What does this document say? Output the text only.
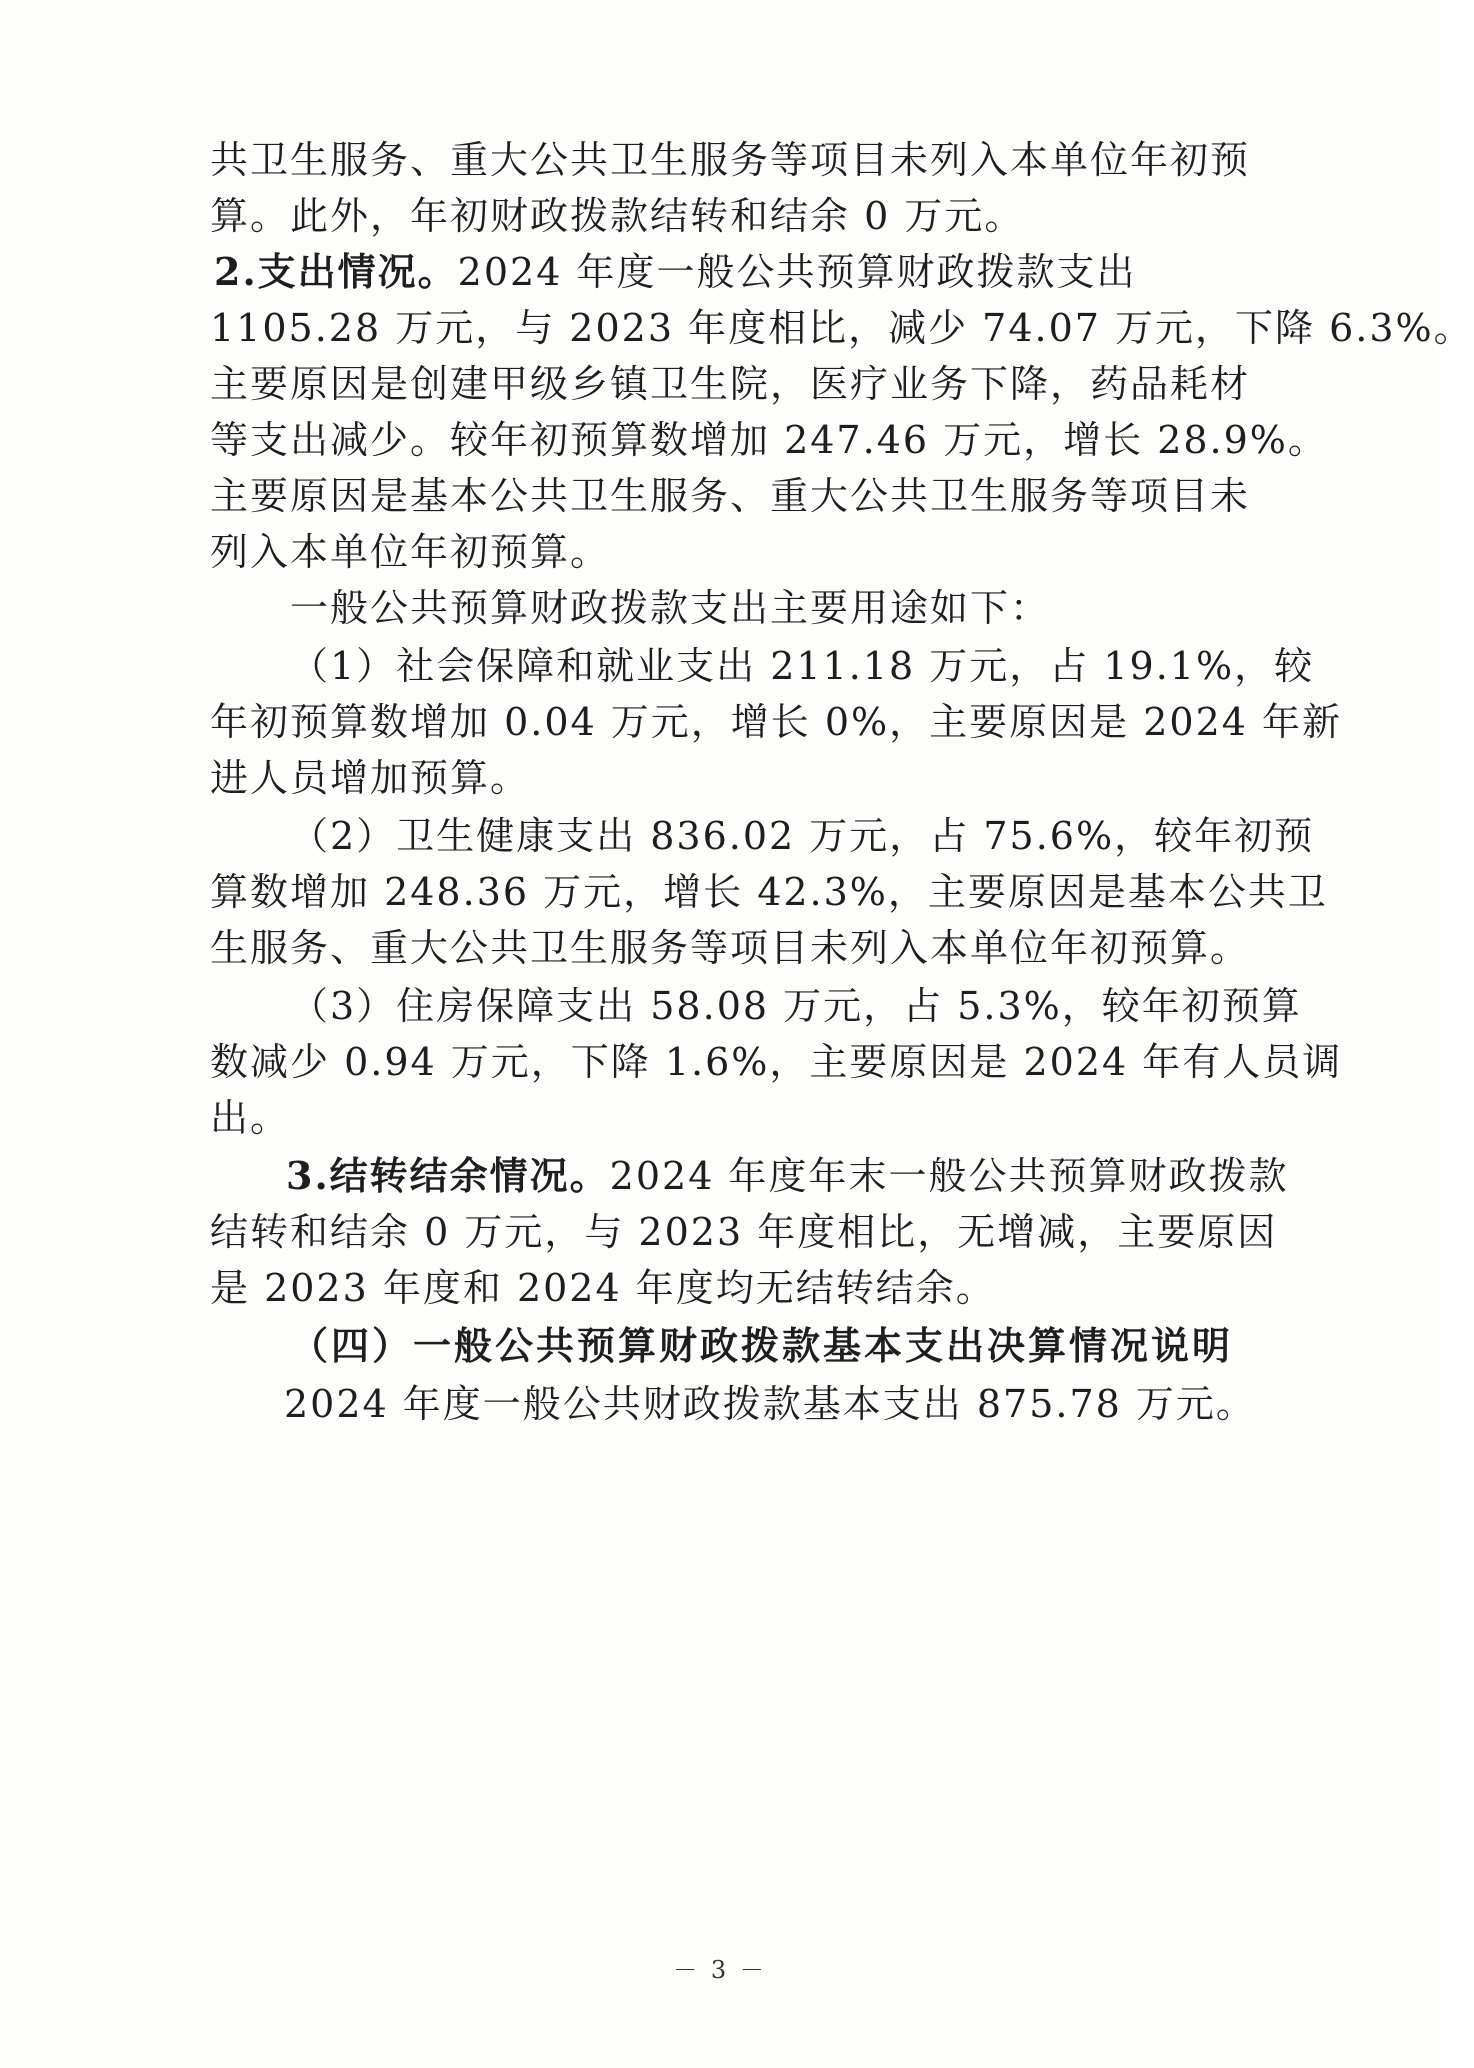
共卫生服务、重大公共卫生服务等项目未列入本单位年初预
算。此外，年初财政拨款结转和结余 0 万元。
2.支出情况。2024 年度一般公共预算财政拨款支出
1105.28 万元，与 2023 年度相比，减少 74.07 万元，下降 6.3%。
主要原因是创建甲级乡镇卫生院，医疗业务下降，药品耗材
等支出减少。较年初预算数增加 247.46 万元，增长 28.9%。
主要原因是基本公共卫生服务、重大公共卫生服务等项目未
列入本单位年初预算。
一般公共预算财政拨款支出主要用途如下：
（1）社会保障和就业支出 211.18 万元，占 19.1%，较
年初预算数增加 0.04 万元，增长 0%，主要原因是 2024 年新
进人员增加预算。
（2）卫生健康支出 836.02 万元，占 75.6%，较年初预
算数增加 248.36 万元，增长 42.3%，主要原因是基本公共卫
生服务、重大公共卫生服务等项目未列入本单位年初预算。
（3）住房保障支出 58.08 万元，占 5.3%，较年初预算
数减少 0.94 万元，下降 1.6%，主要原因是 2024 年有人员调
出。
3.结转结余情况。2024 年度年末一般公共预算财政拨款
结转和结余 0 万元，与 2023 年度相比，无增减，主要原因
是 2023 年度和 2024 年度均无结转结余。
（四）一般公共预算财政拨款基本支出决算情况说明
2024 年度一般公共财政拨款基本支出 875.78 万元。
－ 3 －
